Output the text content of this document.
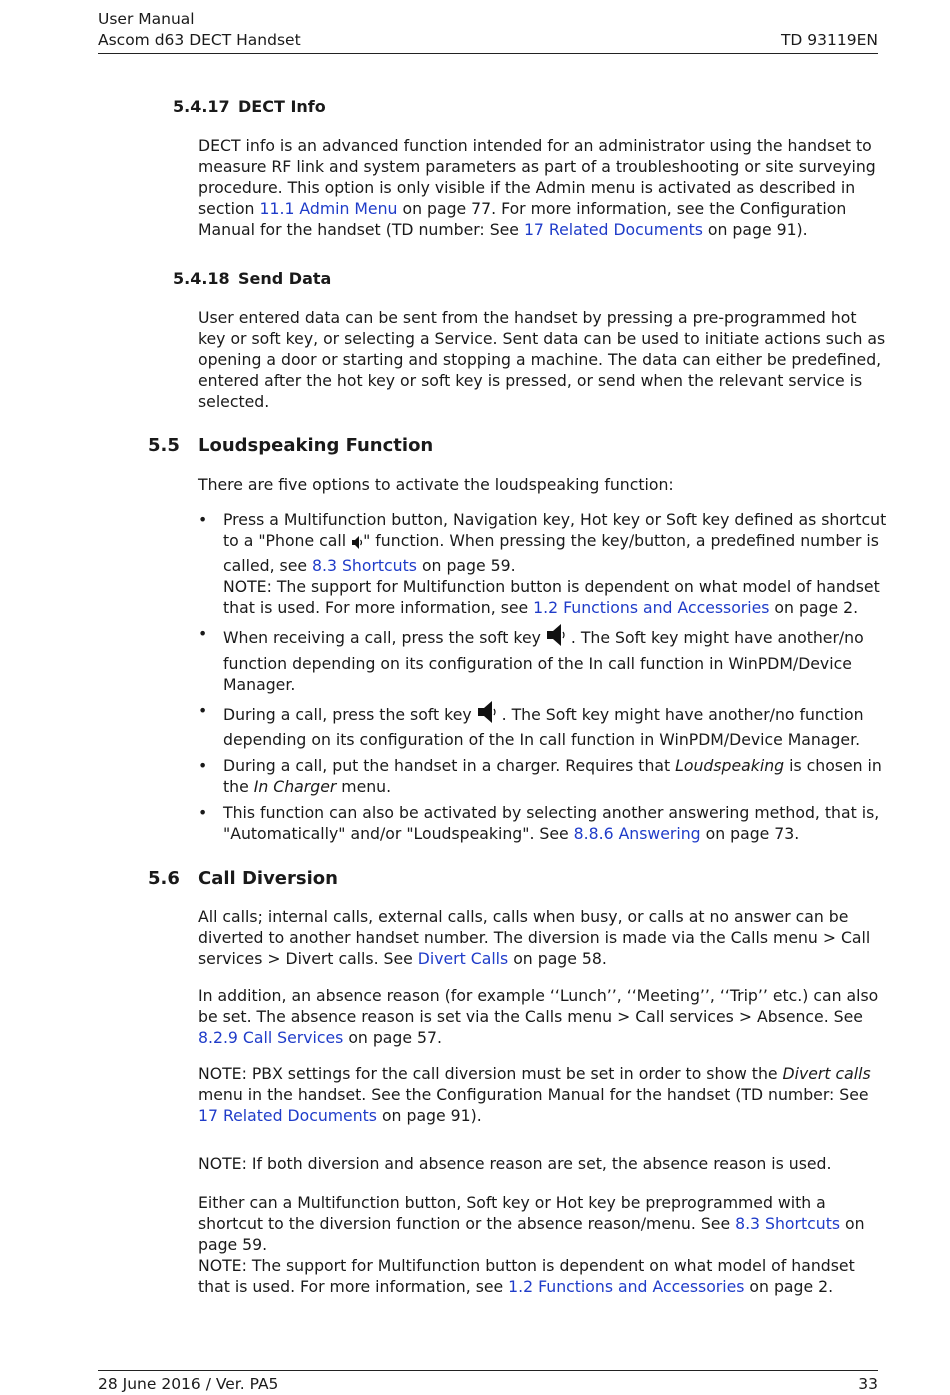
User Manual
Ascom d63 DECT Handset	TD 93119EN
5.4.17 DECT Info
DECT info is an advanced function intended for an administrator using the handset to measure RF link and system parameters as part of a troubleshooting or site surveying procedure. This option is only visible if the Admin menu is activated as described in section 11.1 Admin Menu on page 77. For more information, see the Configuration Manual for the handset (TD number: See 17 Related Documents on page 91).
5.4.18 Send Data
User entered data can be sent from the handset by pressing a pre-programmed hot key or soft key, or selecting a Service. Sent data can be used to initiate actions such as opening a door or starting and stopping a machine. The data can either be predefined, entered after the hot key or soft key is pressed, or send when the relevant service is selected.
5.5 Loudspeaking Function
There are five options to activate the loudspeaking function:
• Press a Multifunction button, Navigation key, Hot key or Soft key defined as shortcut to a "Phone call " function. When pressing the key/button, a predefined number is called, see 8.3 Shortcuts on page 59.
NOTE: The support for Multifunction button is dependent on what model of handset that is used. For more information, see 1.2 Functions and Accessories on page 2.
• When receiving a call, press the soft key  . The Soft key might have another/no function depending on its configuration of the In call function in WinPDM/Device Manager.
• During a call, press the soft key  . The Soft key might have another/no function depending on its configuration of the In call function in WinPDM/Device Manager.
• During a call, put the handset in a charger. Requires that Loudspeaking is chosen in the In Charger menu.
• This function can also be activated by selecting another answering method, that is, "Automatically" and/or "Loudspeaking". See 8.8.6 Answering on page 73.
5.6 Call Diversion
All calls; internal calls, external calls, calls when busy, or calls at no answer can be diverted to another handset number. The diversion is made via the Calls menu > Call services > Divert calls. See Divert Calls on page 58.
In addition, an absence reason (for example ‘‘Lunch’’, ‘‘Meeting’’, ‘‘Trip’’ etc.) can also be set. The absence reason is set via the Calls menu > Call services > Absence. See 8.2.9 Call Services on page 57.
NOTE: PBX settings for the call diversion must be set in order to show the Divert calls menu in the handset. See the Configuration Manual for the handset (TD number: See 17 Related Documents on page 91).
NOTE: If both diversion and absence reason are set, the absence reason is used.
Either can a Multifunction button, Soft key or Hot key be preprogrammed with a shortcut to the diversion function or the absence reason/menu. See 8.3 Shortcuts on page 59.
NOTE: The support for Multifunction button is dependent on what model of handset that is used. For more information, see 1.2 Functions and Accessories on page 2.
28 June 2016 / Ver. PA5	33
